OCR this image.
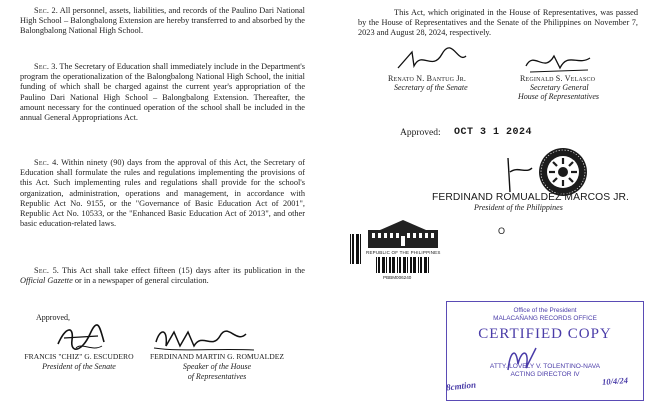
Sec. 2. All personnel, assets, liabilities, and records of the Paulino Dari National High School – Balongbalong Extension are hereby transferred to and absorbed by the Balongbalong National High School.
Sec. 3. The Secretary of Education shall immediately include in the Department's program the operationalization of the Balongbalong National High School, the initial funding of which shall be charged against the current year's appropriation of the Paulino Dari National High School – Balongbalong Extension. Thereafter, the amount necessary for the continued operation of the school shall be included in the annual General Appropriations Act.
Sec. 4. Within ninety (90) days from the approval of this Act, the Secretary of Education shall formulate the rules and regulations implementing the provisions of this Act. Such implementing rules and regulations shall provide for the school's organization, administration, operations and management, in accordance with Republic Act No. 9155, or the "Governance of Basic Education Act of 2001", Republic Act No. 10533, or the "Enhanced Basic Education Act of 2013", and other basic education-related laws.
Sec. 5. This Act shall take effect fifteen (15) days after its publication in the Official Gazette or in a newspaper of general circulation.
Approved,
FRANCIS "CHIZ" G. ESCUDERO
President of the Senate
FERDINAND MARTIN G. ROMUALDEZ
Speaker of the House
of Representatives
This Act, which originated in the House of Representatives, was passed by the House of Representatives and the Senate of the Philippines on November 7, 2023 and August 28, 2024, respectively.
Renato N. Bantug Jr.
Secretary of the Senate
Reginald S. Velasco
Secretary General
House of Representatives
Approved: OCT 3 1 2024
FERDINAND ROMUALDEZ MARCOS JR.
President of the Philippines
O
REPUBLIC OF THE PHILIPPINES
PBBM006240
Office of the President
MALACAÑANG RECORDS OFFICE
CERTIFIED COPY
ATTY. LOVELY V. TOLENTINO-NAVA
ACTING DIRECTOR IV
8cmtion	10/4/24
